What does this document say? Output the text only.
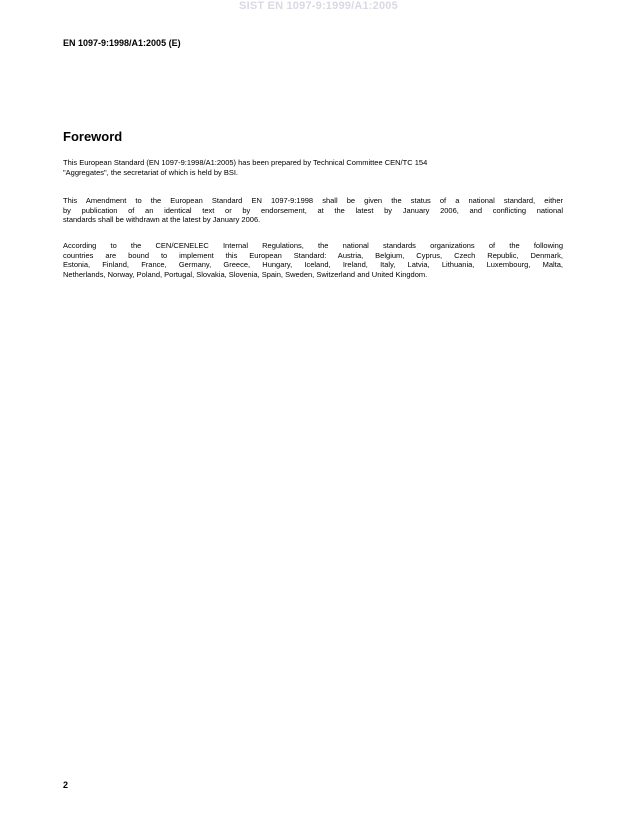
SIST EN 1097-9:1999/A1:2005
EN 1097-9:1998/A1:2005 (E)
Foreword
This European Standard (EN 1097-9:1998/A1:2005) has been prepared by Technical Committee CEN/TC 154
"Aggregates", the secretariat of which is held by BSI.
This Amendment to the European Standard EN 1097-9:1998 shall be given the status of a national standard, either
by publication of an identical text or by endorsement, at the latest by January 2006, and conflicting national
standards shall be withdrawn at the latest by January 2006.
According to the CEN/CENELEC Internal Regulations, the national standards organizations of the following
countries are bound to implement this European Standard: Austria, Belgium, Cyprus, Czech Republic, Denmark,
Estonia, Finland, France, Germany, Greece, Hungary, Iceland, Ireland, Italy, Latvia, Lithuania, Luxembourg, Malta,
Netherlands, Norway, Poland, Portugal, Slovakia, Slovenia, Spain, Sweden, Switzerland and United Kingdom.
2
